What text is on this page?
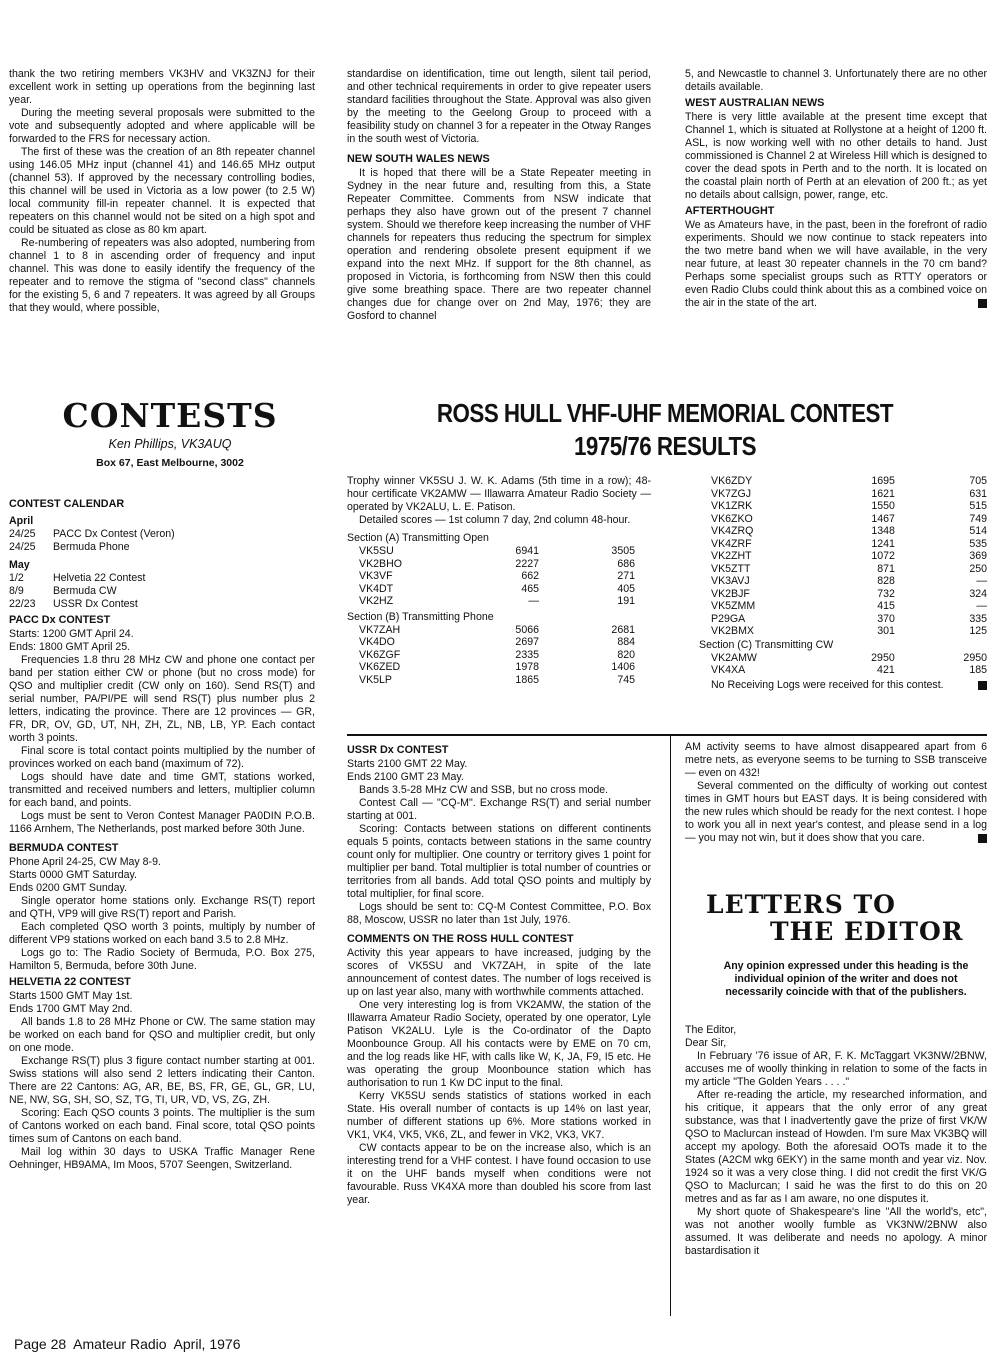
thank the two retiring members VK3HV and VK3ZNJ for their excellent work in setting up operations from the beginning last year.

During the meeting several proposals were submitted to the vote and subsequently adopted and where applicable will be forwarded to the FRS for necessary action.

The first of these was the creation of an 8th repeater channel using 146.05 MHz input (channel 41) and 146.65 MHz output (channel 53). If approved by the necessary controlling bodies, this channel will be used in Victoria as a low power (to 2.5 W) local community fill-in repeater channel. It is expected that repeaters on this channel would not be sited on a high spot and could be situated as close as 80 km apart.

Re-numbering of repeaters was also adopted, numbering from channel 1 to 8 in ascending order of frequency and input channel. This was done to easily identify the frequency of the repeater and to remove the stigma of "second class" channels for the existing 5, 6 and 7 repeaters. It was agreed by all Groups that they would, where possible,

standardise on identification, time out length, silent tail period, and other technical requirements in order to give repeater users standard facilities throughout the State. Approval was also given by the meeting to the Geelong Group to proceed with a feasibility study on channel 3 for a repeater in the Otway Ranges in the south west of Victoria.

NEW SOUTH WALES NEWS

It is hoped that there will be a State Repeater meeting in Sydney in the near future and, resulting from this, a State Repeater Committee. Comments from NSW indicate that perhaps they also have grown out of the present 7 channel system. Should we therefore keep increasing the number of VHF channels for repeaters thus reducing the spectrum for simplex operation and rendering obsolete present equipment if we expand into the next MHz. If support for the 8th channel, as proposed in Victoria, is forthcoming from NSW then this could give some breathing space. There are two repeater channel changes due for change over on 2nd May, 1976; they are Gosford to channel

5, and Newcastle to channel 3. Unfortunately there are no other details available.

WEST AUSTRALIAN NEWS

There is very little available at the present time except that Channel 1, which is situated at Rollystone at a height of 1200 ft. ASL, is now working well with no other details to hand. Just commissioned is Channel 2 at Wireless Hill which is designed to cover the dead spots in Perth and to the north. It is located on the coastal plain north of Perth at an elevation of 200 ft.; as yet no details about callsign, power, range, etc.

AFTERTHOUGHT

We as Amateurs have, in the past, been in the forefront of radio experiments. Should we now continue to stack repeaters into the two metre band when we will have available, in the very near future, at least 30 repeater channels in the 70 cm band? Perhaps some specialist groups such as RTTY operators or even Radio Clubs could think about this as a combined voice on the air in the state of the art.

CONTESTS
Ken Phillips, VK3AUQ
Box 67, East Melbourne, 3002
ROSS HULL VHF-UHF MEMORIAL CONTEST
1975/76 RESULTS
CONTEST CALENDAR
April
24/25	PACC Dx Contest (Veron)
24/25	Bermuda Phone
May
1/2	Helvetia 22 Contest
8/9	Bermuda CW
22/23	USSR Dx Contest
PACC Dx CONTEST

Starts: 1200 GMT April 24.

Ends: 1800 GMT April 25.

Frequencies 1.8 thru 28 MHz CW and phone one contact per band per station either CW or phone (but no cross mode) for QSO and multiplier credit (CW only on 160). Send RS(T) and serial number, PA/PI/PE will send RS(T) plus number plus 2 letters, indicating the province. There are 12 provinces — GR, FR, DR, OV, GD, UT, NH, ZH, ZL, NB, LB, YP. Each contact worth 3 points.

Final score is total contact points multiplied by the number of provinces worked on each band (maximum of 72).

Logs should have date and time GMT, stations worked, transmitted and received numbers and letters, multiplier column for each band, and points.

Logs must be sent to Veron Contest Manager PA0DIN P.O.B. 1166 Arnhem, The Netherlands, post marked before 30th June.

BERMUDA CONTEST

Phone April 24-25, CW May 8-9.

Starts 0000 GMT Saturday.

Ends 0200 GMT Sunday.

Single operator home stations only. Exchange RS(T) report and QTH, VP9 will give RS(T) report and Parish.

Each completed QSO worth 3 points, multiply by number of different VP9 stations worked on each band 3.5 to 2.8 MHz.

Logs go to: The Radio Society of Bermuda, P.O. Box 275, Hamilton 5, Bermuda, before 30th June.

HELVETIA 22 CONTEST

Starts 1500 GMT May 1st.

Ends 1700 GMT May 2nd.

All bands 1.8 to 28 MHz Phone or CW. The same station may be worked on each band for QSO and multiplier credit, but only on one mode.

Exchange RS(T) plus 3 figure contact number starting at 001. Swiss stations will also send 2 letters indicating their Canton. There are 22 Cantons: AG, AR, BE, BS, FR, GE, GL, GR, LU, NE, NW, SG, SH, SO, SZ, TG, TI, UR, VD, VS, ZG, ZH.

Scoring: Each QSO counts 3 points. The multiplier is the sum of Cantons worked on each band. Final score, total QSO points times sum of Cantons on each band.

Mail log within 30 days to USKA Traffic Manager Rene Oehninger, HB9AMA, Im Moos, 5707 Seengen, Switzerland.

Trophy winner VK5SU J. W. K. Adams (5th time in a row); 48-hour certificate VK2AMW — Illawarra Amateur Radio Society — operated by VK2ALU, L. E. Patison.

Detailed scores — 1st column 7 day, 2nd column 48-hour.

Section (A) Transmitting Open
VK5SU	6941	3505
VK2BHO	2227	686
VK3VF	662	271
VK4DT	465	405
VK2HZ	—	191
Section (B) Transmitting Phone
VK7ZAH	5066	2681
VK4DO	2697	884
VK6ZGF	2335	820
VK6ZED	1978	1406
VK5LP	1865	745
VK6ZDY	1695	705
VK7ZGJ	1621	631
VK1ZRK	1550	515
VK6ZKO	1467	749
VK4ZRQ	1348	514
VK4ZRF	1241	535
VK2ZHT	1072	369
VK5ZTT	871	250
VK3AVJ	828	—
VK2BJF	732	324
VK5ZMM	415	—
P29GA	370	335
VK2BMX	301	125
Section (C) Transmitting CW
VK2AMW	2950	2950
VK4XA	421	185

No Receiving Logs were received for this contest.

USSR Dx CONTEST

Starts 2100 GMT 22 May.

Ends 2100 GMT 23 May.

Bands 3.5-28 MHz CW and SSB, but no cross mode.

Contest Call — "CQ-M". Exchange RS(T) and serial number starting at 001.

Scoring: Contacts between stations on different continents equals 5 points, contacts between stations in the same country count only for multiplier. One country or territory gives 1 point for multiplier per band. Total multiplier is total number of countries or territories from all bands. Add total QSO points and multiply by total multiplier, for final score.

Logs should be sent to: CQ-M Contest Committee, P.O. Box 88, Moscow, USSR no later than 1st July, 1976.

COMMENTS ON THE ROSS HULL CONTEST

Activity this year appears to have increased, judging by the scores of VK5SU and VK7ZAH, in spite of the late announcement of contest dates. The number of logs received is up on last year also, many with worthwhile comments attached.

One very interesting log is from VK2AMW, the station of the Illawarra Amateur Radio Society, operated by one operator, Lyle Patison VK2ALU. Lyle is the Co-ordinator of the Dapto Moonbounce Group. All his contacts were by EME on 70 cm, and the log reads like HF, with calls like W, K, JA, F9, I5 etc. He was operating the group Moonbounce station which has authorisation to run 1 Kw DC input to the final.

Kerry VK5SU sends statistics of stations worked in each State. His overall number of contacts is up 14% on last year, number of different stations up 6%. More stations worked in VK1, VK4, VK5, VK6, ZL, and fewer in VK2, VK3, VK7.

CW contacts appear to be on the increase also, which is an interesting trend for a VHF contest. I have found occasion to use it on the UHF bands myself when conditions were not favourable. Russ VK4XA more than doubled his score from last year.

AM activity seems to have almost disappeared apart from 6 metre nets, as everyone seems to be turning to SSB transceive — even on 432!

Several commented on the difficulty of working out contest times in GMT hours but EAST days. It is being considered with the new rules which should be ready for the next contest. I hope to work you all in next year's contest, and please send in a log — you may not win, but it does show that you care.

LETTERS TO
THE EDITOR
Any opinion expressed under this heading is the individual opinion of the writer and does not necessarily coincide with that of the publishers.

The Editor,

Dear Sir,

In February '76 issue of AR, F. K. McTaggart VK3NW/2BNW, accuses me of woolly thinking in relation to some of the facts in my article "The Golden Years . . . ."

After re-reading the article, my researched information, and his critique, it appears that the only error of any great substance, was that I inadvertently gave the prize of first VK/W QSO to Maclurcan instead of Howden. I'm sure Max VK3BQ will accept my apology. Both the aforesaid OOTs made it to the States (A2CM wkg 6EKY) in the same month and year viz. Nov. 1924 so it was a very close thing. I did not credit the first VK/G QSO to Maclurcan; I said he was the first to do this on 20 metres and as far as I am aware, no one disputes it.

My short quote of Shakespeare's line "All the world's, etc", was not another woolly fumble as VK3NW/2BNW also assumed. It was deliberate and needs no apology. A minor bastardisation it

Page 28  Amateur Radio  April, 1976
